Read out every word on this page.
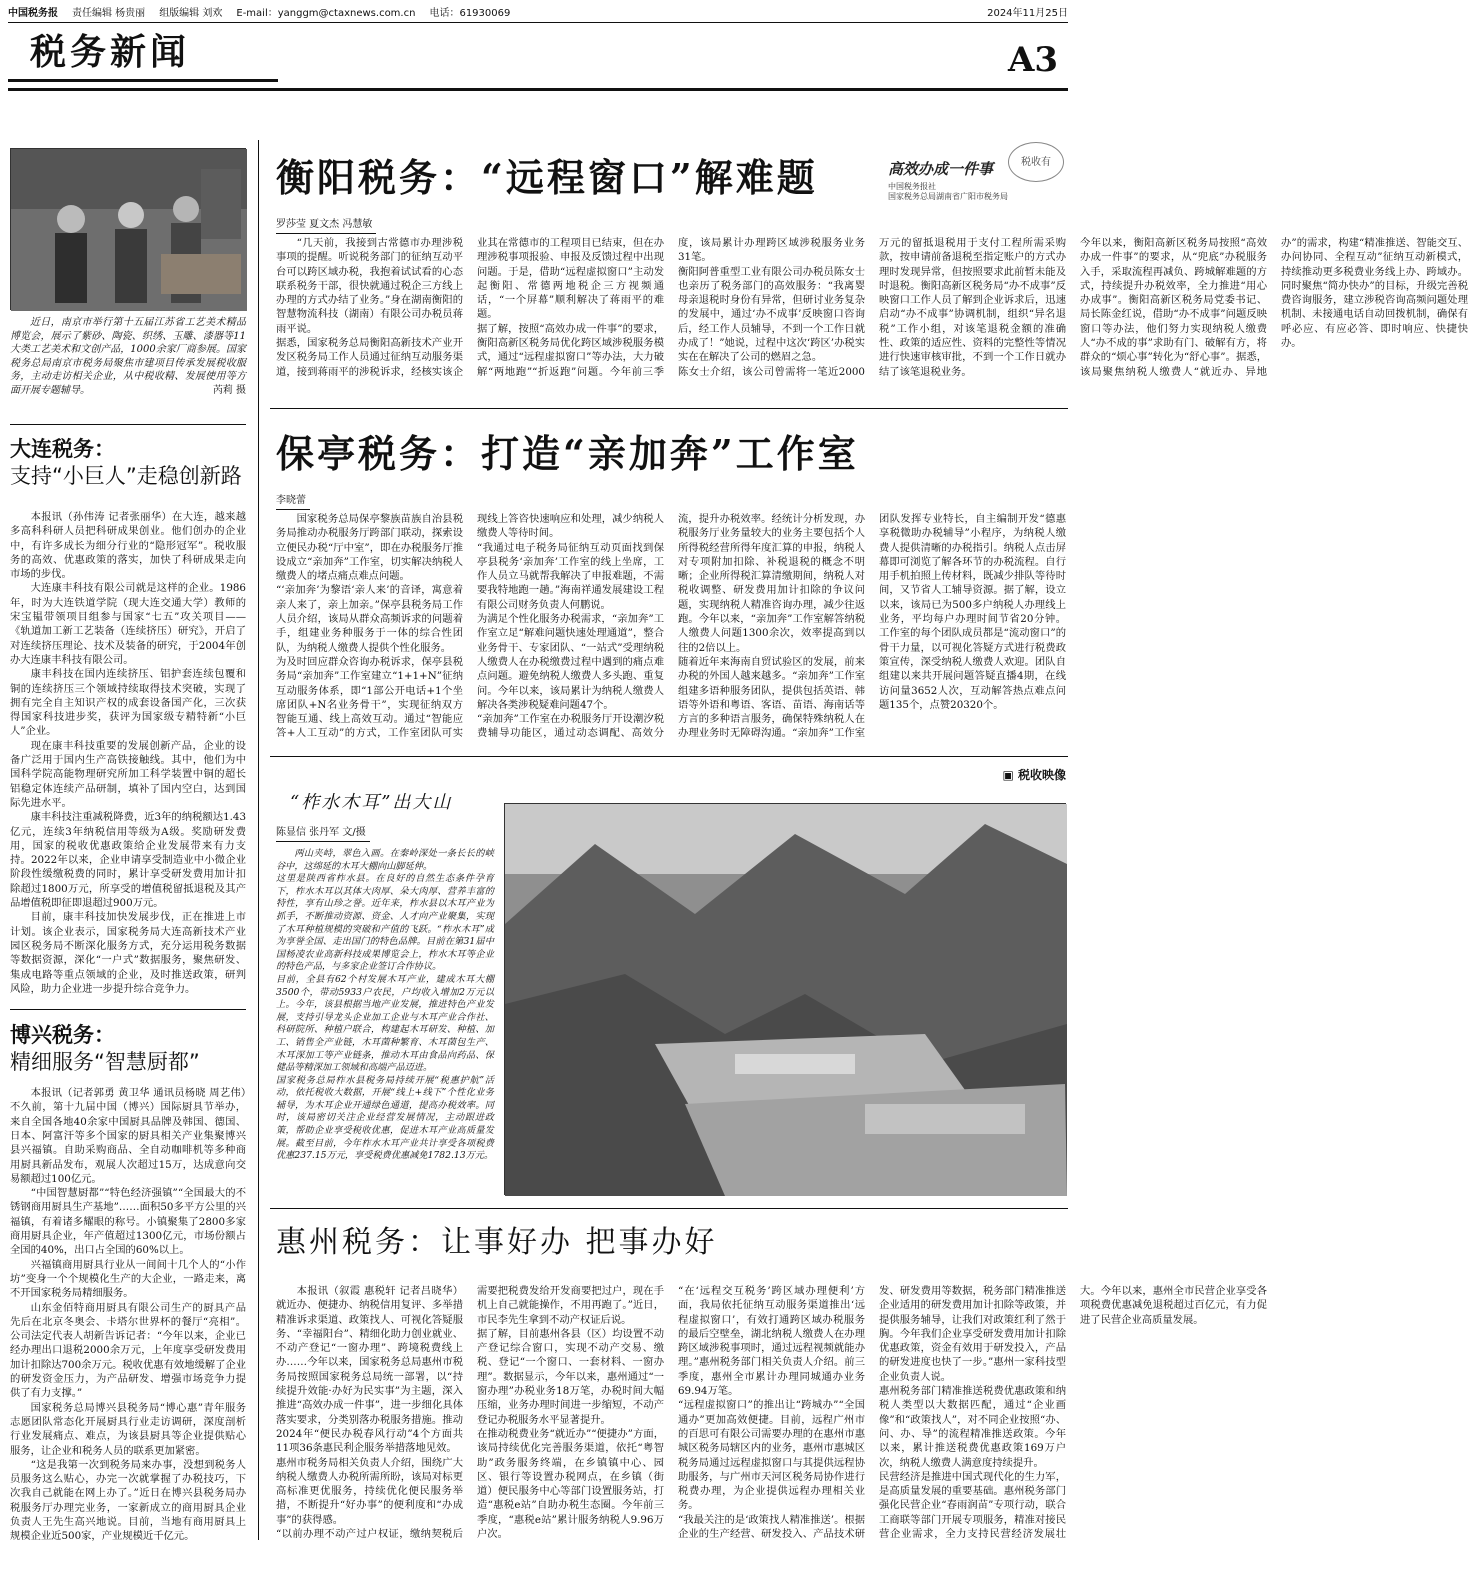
中国税务报 责任编辑 杨贵丽 组版编辑 刘欢 E-mail：yanggm@ctaxnews.com.cn 电话：61930069	2024年11月25日
税务新闻	A3
近日，南京市举行第十五届江苏省工艺美术精品博览会，展示了紫砂、陶瓷、织绣、玉雕、漆器等11大类工艺美术和文创产品，1000余家厂商参展。国家税务总局南京市税务局聚焦市建项目传承发展税收服务，主动走访相关企业，从中税收精、发展使用等方面开展专题辅导。	芮莉 摄
大连税务：
支持“小巨人”走稳创新路

本报讯（孙伟涛 记者张丽华）在大连，越来越多高科科研人员把科研成果创业。他们创办的企业中，有许多成长为细分行业的“隐形冠军”。税收服务的高效、优惠政策的落实，加快了科研成果走向市场的步伐。

大连康丰科技有限公司就是这样的企业。1986年，时为大连铁道学院（现大连交通大学）教师的宋宝韫带领项目组参与国家“七五”攻关项目——《轨道加工新工艺装备（连续挤压）研究》，开启了对连续挤压理论、技术及装备的研究，于2004年创办大连康丰科技有限公司。

康丰科技在国内连续挤压、铝护套连续包覆和铜的连续挤压三个领域持续取得技术突破，实现了拥有完全自主知识产权的成套设备国产化，三次获得国家科技进步奖，获评为国家级专精特新“小巨人”企业。

现在康丰科技重要的发展创新产品，企业的设备广泛用于国内生产高铁接触线。其中，他们为中国科学院高能物理研究所加工科学装置中铜的超长铝稳定体连续产品研制，填补了国内空白，达到国际先进水平。

康丰科技注重减税降费，近3年的纳税额达1.43亿元，连续3年纳税信用等级为A级。奖励研发费用，国家的税收优惠政策给企业发展带来有力支持。2022年以来，企业申请享受制造业中小微企业阶段性缓缴税费的同时，累计享受研发费用加计扣除超过1800万元，所享受的增值税留抵退税及其产品增值税即征即退超过900万元。

目前，康丰科技加快发展步伐，正在推进上市计划。该企业表示，国家税务局大连高新技术产业园区税务局不断深化服务方式，充分运用税务数据等数据资源，深化“一户式”数据服务，聚焦研发、集成电路等重点领域的企业，及时推送政策，研判风险，助力企业进一步提升综合竞争力。

博兴税务：
精细服务“智慧厨都”

本报讯（记者郭勇 黄卫华 通讯员杨晓 周艺伟）不久前，第十九届中国（博兴）国际厨具节举办，来自全国各地40余家中国厨具品牌及韩国、德国、日本、阿富汗等多个国家的厨具相关产业集聚博兴县兴福镇。自助采购商品、全自动咖啡机等多种商用厨具新品发布，观展人次超过15万，达成意向交易额超过100亿元。

“中国智慧厨都”“特色经济强镇”“全国最大的不锈钢商用厨具生产基地”……面积50多平方公里的兴福镇，有着诸多耀眼的称号。小镇聚集了2800多家商用厨具企业，年产值超过1300亿元，市场份额占全国的40%，出口占全国的60%以上。

兴福镇商用厨具行业从一间间十几个人的“小作坊”变身一个个规模化生产的大企业，一路走来，离不开国家税务局精细服务。

山东金佰特商用厨具有限公司生产的厨具产品先后在北京冬奥会、卡塔尔世界杯的餐厅“亮相”。公司法定代表人胡新告诉记者：“今年以来，企业已经办理出口退税2000余万元，上年度享受研发费用加计扣除达700余万元。税收优惠有效地缓解了企业的研发资金压力，为产品研发、增强市场竞争力提供了有力支撑。”

国家税务总局博兴县税务局“博心惠”青年服务志愿团队常态化开展厨具行业走访调研，深度剖析行业发展痛点、难点，为该县厨具等企业提供贴心服务，让企业和税务人员的联系更加紧密。

“这是我第一次到税务局来办事，没想到税务人员服务这么贴心，办完一次就掌握了办税技巧，下次我自己就能在网上办了。”近日在博兴县税务局办税服务厅办理完业务，一家新成立的商用厨具企业负责人王先生高兴地说。目前，当地有商用厨具上规模企业近500家，产业规模近千亿元。

衡阳税务：“远程窗口”解难题	高效办成一件事
中国税务报社
国家税务总局湖南省广阳市税务局
税收有
罗莎莹 夏文杰 冯慧敏

“几天前，我接到古常德市办理涉税事项的提醒。听说税务部门的征纳互动平台可以跨区域办税，我抱着试试看的心态联系税务干部，很快就通过税企三方线上办理的方式办结了业务。”身在湖南衡阳的智慧物流科技（湖南）有限公司办税员蒋雨平说。
据悉，国家税务总局衡阳高新技术产业开发区税务局工作人员通过征纳互动服务渠道，接到蒋雨平的涉税诉求，经核实该企业其在常德市的工程项目已结束，但在办理涉税事项报验、申报及反馈过程中出现问题。于是，借助“远程虚拟窗口”主动发起衡阳、常德两地税企三方视频通话，“一个屏幕”顺利解决了蒋雨平的难题。
据了解，按照“高效办成一件事”的要求，衡阳高新区税务局优化跨区域涉税服务模式，通过“远程虚拟窗口”等办法，大力破解“两地跑”“折返跑”问题。今年前三季度，该局累计办理跨区域涉税服务业务31笔。
衡阳阿普重型工业有限公司办税员陈女士也亲历了税务部门的高效服务：“我离婴母亲退税时身份有异常，但研讨业务复杂的发展中，通过‘办不成事’反映窗口咨询后，经工作人员辅导，不到一个工作日就办成了！”她说，过程中这次‘跨区’办税实实在在解决了公司的燃眉之急。
陈女士介绍，该公司曾需将一笔近2000万元的留抵退税用于支付工程所需采购款，按申请前备退税至指定账户的方式办理时发现异常，但按照要求此前暂未能及时退税。衡阳高新区税务局“办不成事”反映窗口工作人员了解到企业诉求后，迅速启动“办不成事”协调机制，组织“异名退税”工作小组，对该笔退税金额的准确性、政策的适应性、资料的完整性等情况进行快速审核审批，不到一个工作日就办结了该笔退税业务。
今年以来，衡阳高新区税务局按照“高效办成一件事”的要求，从“兜底”办税服务入手，采取流程再减负、跨城解难题的方式，持续提升办税效率，全力推进“用心办成事”。衡阳高新区税务局党委书记、局长陈金红说，借助“办不成事”问题反映窗口等办法，他们努力实现纳税人缴费人“办不成的事”求助有门、破解有方，将群众的“烦心事”转化为“舒心事”。据悉，该局聚焦纳税人缴费人“就近办、异地办”的需求，构建“精准推送、智能交互、办问协同、全程互动”征纳互动新模式，持续推动更多税费业务线上办、跨域办。同时聚焦“简办快办”的目标，升级完善税费咨询服务，建立涉税咨询高频问题处理机制、未接通电话自动回拨机制，确保有呼必应、有应必答、即时响应、快捷快办。

保亭税务：打造“亲加奔”工作室
李晓蕾

国家税务总局保亭黎族苗族自治县税务局推动办税服务厅跨部门联动，探索设立便民办税“厅中室”，即在办税服务厅推设成立“亲加奔”工作室，切实解决纳税人缴费人的堵点痛点难点问题。
“‘亲加奔’为黎语‘亲人来’的音译，寓意着亲人来了，亲上加亲。”保亭县税务局工作人员介绍，该局从群众高频诉求的问题着手，组建业务种服务于一体的综合性团队，为纳税人缴费人提供个性化服务。
为及时回应群众咨询办税诉求，保亭县税务局“亲加奔”工作室建立“1+1+N”征纳互动服务体系，即“1部公开电话+1个坐席团队+N名业务骨干”，实现征纳双方智能互通、线上高效互动。通过“智能应答+人工互动”的方式，工作室团队可实现线上答咨快速响应和处理，减少纳税人缴费人等待时间。
“我通过电子税务局征纳互动页面找到保亭县税务‘亲加奔’工作室的线上坐席，工作人员立马就帮我解决了申报难题，不需要我特地跑一趟。”海南祥通发展建设工程有限公司财务负责人何鹏说。
为满足个性化服务办税需求，“亲加奔”工作室立足“解难问题快速处理通道”，整合业务骨干、专家团队、“一站式”受理纳税人缴费人在办税缴费过程中遇到的痛点难点问题。避免纳税人缴费人多头跑、重复问。今年以来，该局累计为纳税人缴费人解决各类涉税疑难问题47个。
“亲加奔”工作室在办税服务厅开设潮汐税费辅导功能区，通过动态调配、高效分流，提升办税效率。经统计分析发现，办税服务厅业务量较大的业务主要包括个人所得税经营所得年度汇算的申报，纳税人对专项附加扣除、补税退税的概念不明晰；企业所得税汇算清缴期间，纳税人对税收调整、研发费用加计扣除的争议问题，实现纳税人精准咨询办理，减少往返跑。今年以来，“亲加奔”工作室解答纳税人缴费人问题1300余次，效率提高到以往的2倍以上。
随着近年来海南自贸试验区的发展，前来办税的外国人越来越多。“亲加奔”工作室组建多语种服务团队，提供包括英语、韩语等外语和粤语、客语、苗语、海南话等方言的多种语言服务，确保特殊纳税人在办理业务时无障碍沟通。“亲加奔”工作室团队发挥专业特长，自主编制开发“德惠享税微助办税辅导”小程序，为纳税人缴费人提供清晰的办税指引。纳税人点击屏幕即可浏览了解各环节的办税流程。自行用手机拍照上传材料，既减少排队等待时间，又节省人工辅导资源。据了解，设立以来，该局已为500多户纳税人办理线上业务，平均每户办理时间节省20分钟。工作室的每个团队成员都是“流动窗口”的骨干力量，以可视化答疑方式进行税费政策宣传，深受纳税人缴费人欢迎。团队自组建以来共开展问题答疑直播4期，在线访问量3652人次，互动解答热点难点问题135个，点赞20320个。

▣ 税收映像
“柞水木耳”出大山
陈显信 张丹军 文/摄

两山夹峙，翠色入画。在秦岭深处一条长长的峡谷中，这绵延的木耳大棚向山脚延伸。
这里是陕西省柞水县。在良好的自然生态条件孕育下，柞水木耳以其体大肉厚、朵大肉厚、营养丰富的特性，享有山珍之誉。近年来，柞水县以木耳产业为抓手，不断推动资源、资金、人才向产业聚集，实现了木耳种植规模的突破和产值的飞跃。“柞水木耳”成为享誉全国、走出国门的特色品牌。目前在第31届中国杨凌农业高新科技成果博览会上，柞水木耳等企业的特色产品，与多家企业签订合作协议。
目前，全县有62个村发展木耳产业，建成木耳大棚3500个，带动5933户农民，户均收入增加2万元以上。今年，该县根据当地产业发展，推进特色产业发展，支持引导龙头企业加工企业与木耳产业合作社、科研院所、种植户联合，构建起木耳研发、种植、加工、销售全产业链，木耳菌种繁育、木耳菌包生产、木耳深加工等产业链条，推动木耳由食品向药品、保健品等精深加工领域和高端产品迈进。
国家税务总局柞水县税务局持续开展“税惠护航”活动，依托税收大数据，开展“线上+线下”个性化业务辅导，为木耳企业开通绿色通道，提高办税效率。同时，该局密切关注企业经营发展情况，主动跟进政策，帮助企业享受税收优惠，促进木耳产业高质量发展。截至目前，今年柞水木耳产业共计享受各项税费优惠237.15万元，享受税费优惠减免1782.13万元。

惠州税务：让事好办 把事办好

本报讯（叙霞 惠税轩 记者吕晓华）就近办、便捷办、纳税信用复评、多举措精准诉求渠道、政策找人、可视化答疑服务、“幸福阳台”、精细化助力创业就业、不动产登记“一窗办理”、跨境税费线上办……今年以来，国家税务总局惠州市税务局按照国家税务总局统一部署，以“持续提升效能·办好为民实事”为主题，深入推进“高效办成一件事”，进一步细化具体落实要求，分类别落办税服务措施。推动2024年“便民办税春风行动”4个方面共11项36条惠民利企服务举措落地见效。
惠州市税务局相关负责人介绍，围绕广大纳税人缴费人办税所需所盼，该局对标更高标准更优服务，持续优化便民服务举措，不断提升“好办事”的便利度和“办成事”的获得感。
“以前办理不动产过户权证，缴纳契税后需要把税费发给开发商要把过户，现在手机上自己就能操作，不用再跑了。”近日，市民李先生拿到不动产权证后说。
据了解，目前惠州各县（区）均设置不动产登记综合窗口，实现不动产交易、缴税、登记“一个窗口、一套材料、一窗办理”。数据显示，今年以来，惠州通过“一窗办理”办税业务18万笔，办税时间大幅压缩，业务办理时间进一步缩短，不动产登记办税服务水平显著提升。
在推动税费业务“就近办”“便捷办”方面，该局持续优化完善服务渠道，依托“粤智助”政务服务终端，在乡镇镇中心、园区、银行等设置办税网点，在乡镇（街道）便民服务中心等部门设置服务站，打造“惠税e站”自助办税生态圈。今年前三季度，“惠税e站”累计服务纳税人9.96万户次。
“在‘远程交互税务’跨区域办理便利’方面，我局依托征纳互动服务渠道推出‘远程虚拟窗口’，有效打通跨区域办税服务的最后空壁垒，湖北纳税人缴费人在办理跨区域涉税事项时，通过远程视频就能办理。”惠州税务部门相关负责人介绍。前三季度，惠州全市累计办理同城通办业务69.94万笔。
“远程虚拟窗口”的推出让“跨城办”“全国通办”更加高效便捷。目前，远程广州市的百思可有限公司需要办理的在惠州市惠城区税务局辖区内的业务，惠州市惠城区税务局通过远程虚拟窗口与其提供远程协助服务，与广州市天河区税务局协作进行税费办理，为企业提供远程办理相关业务。
“我最关注的是‘政策找人精准推送’。根据企业的生产经营、研发投入、产品技术研发、研发费用等数据，税务部门精准推送企业适用的研发费用加计扣除等政策，并提供服务辅导，让我们对政策红利了然于胸。今年我们企业享受研发费用加计扣除优惠政策，资金有效用于研发投入，产品的研发进度也快了一步。”惠州一家科技型企业负责人说。
惠州税务部门精准推送税费优惠政策和纳税人类型以大数据匹配，通过“企业画像”和“政策找人”，对不同企业按照“办、问、办、导”的流程精准推送政策。今年以来，累计推送税费优惠政策169万户次，纳税人缴费人满意度持续提升。
民营经济是推进中国式现代化的生力军，是高质量发展的重要基础。惠州税务部门强化民营企业“春雨润苗”专项行动，联合工商联等部门开展专项服务，精准对接民营企业需求，全力支持民营经济发展壮大。今年以来，惠州全市民营企业享受各项税费优惠减免退税超过百亿元，有力促进了民营企业高质量发展。
